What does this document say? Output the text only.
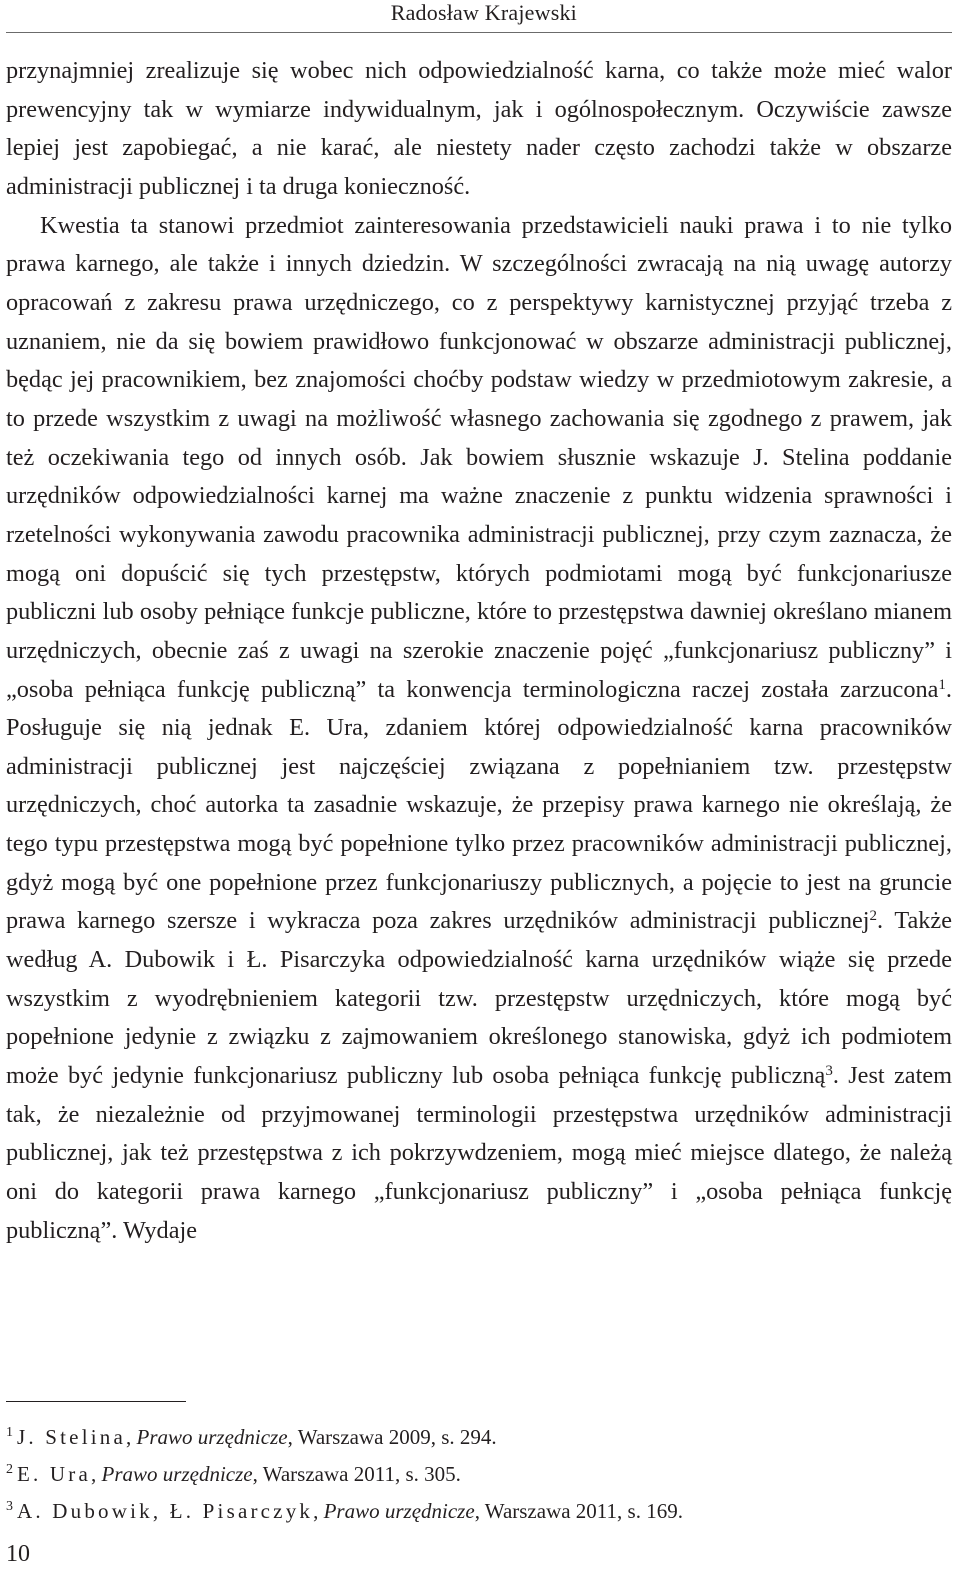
Radosław Krajewski

przynajmniej zrealizuje się wobec nich odpowiedzialność karna, co także może mieć walor prewencyjny tak w wymiarze indywidualnym, jak i ogólnospołecznym. Oczywiście zawsze lepiej jest zapobiegać, a nie karać, ale niestety nader często zachodzi także w obszarze administracji publicznej i ta druga konieczność.

Kwestia ta stanowi przedmiot zainteresowania przedstawicieli nauki prawa i to nie tylko prawa karnego, ale także i innych dziedzin. W szczególności zwracają na nią uwagę autorzy opracowań z zakresu prawa urzędniczego, co z perspektywy karnistycznej przyjąć trzeba z uznaniem, nie da się bowiem prawidłowo funkcjonować w obszarze administracji publicznej, będąc jej pracownikiem, bez znajomości choćby podstaw wiedzy w przedmiotowym zakresie, a to przede wszystkim z uwagi na możliwość własnego zachowania się zgodnego z prawem, jak też oczekiwania tego od innych osób. Jak bowiem słusznie wskazuje J. Stelina poddanie urzędników odpowiedzialności karnej ma ważne znaczenie z punktu widzenia sprawności i rzetelności wykonywania zawodu pracownika administracji publicznej, przy czym zaznacza, że mogą oni dopuścić się tych przestępstw, których podmiotami mogą być funkcjonariusze publiczni lub osoby pełniące funkcje publiczne, które to przestępstwa dawniej określano mianem urzędniczych, obecnie zaś z uwagi na szerokie znaczenie pojęć „funkcjonariusz publiczny” i „osoba pełniąca funkcję publiczną” ta konwencja terminologiczna raczej została zarzucona$^1$. Posługuje się nią jednak E. Ura, zdaniem której odpowiedzialność karna pracowników administracji publicznej jest najczęściej związana z popełnianiem tzw. przestępstw urzędniczych, choć autorka ta zasadnie wskazuje, że przepisy prawa karnego nie określają, że tego typu przestępstwa mogą być popełnione tylko przez pracowników administracji publicznej, gdyż mogą być one popełnione przez funkcjonariuszy publicznych, a pojęcie to jest na gruncie prawa karnego szersze i wykracza poza zakres urzędników administracji publicznej$^2$. Także według A. Dubowik i Ł. Pisarczyka odpowiedzialność karna urzędników wiąże się przede wszystkim z wyodrębnieniem kategorii tzw. przestępstw urzędniczych, które mogą być popełnione jedynie z związku z zajmowaniem określonego stanowiska, gdyż ich podmiotem może być jedynie funkcjonariusz publiczny lub osoba pełniąca funkcję publiczną$^3$. Jest zatem tak, że niezależnie od przyjmowanej terminologii przestępstwa urzędników administracji publicznej, jak też przestępstwa z ich pokrzywdzeniem, mogą mieć miejsce dlatego, że należą oni do kategorii prawa karnego „funkcjonariusz publiczny” i „osoba pełniąca funkcję publiczną”. Wydaje

$^1$ J. Stelina, Prawo urzędnicze, Warszawa 2009, s. 294.
$^2$ E. Ura, Prawo urzędnicze, Warszawa 2011, s. 305.
$^3$ A. Dubowik, Ł. Pisarczyk, Prawo urzędnicze, Warszawa 2011, s. 169.
10
